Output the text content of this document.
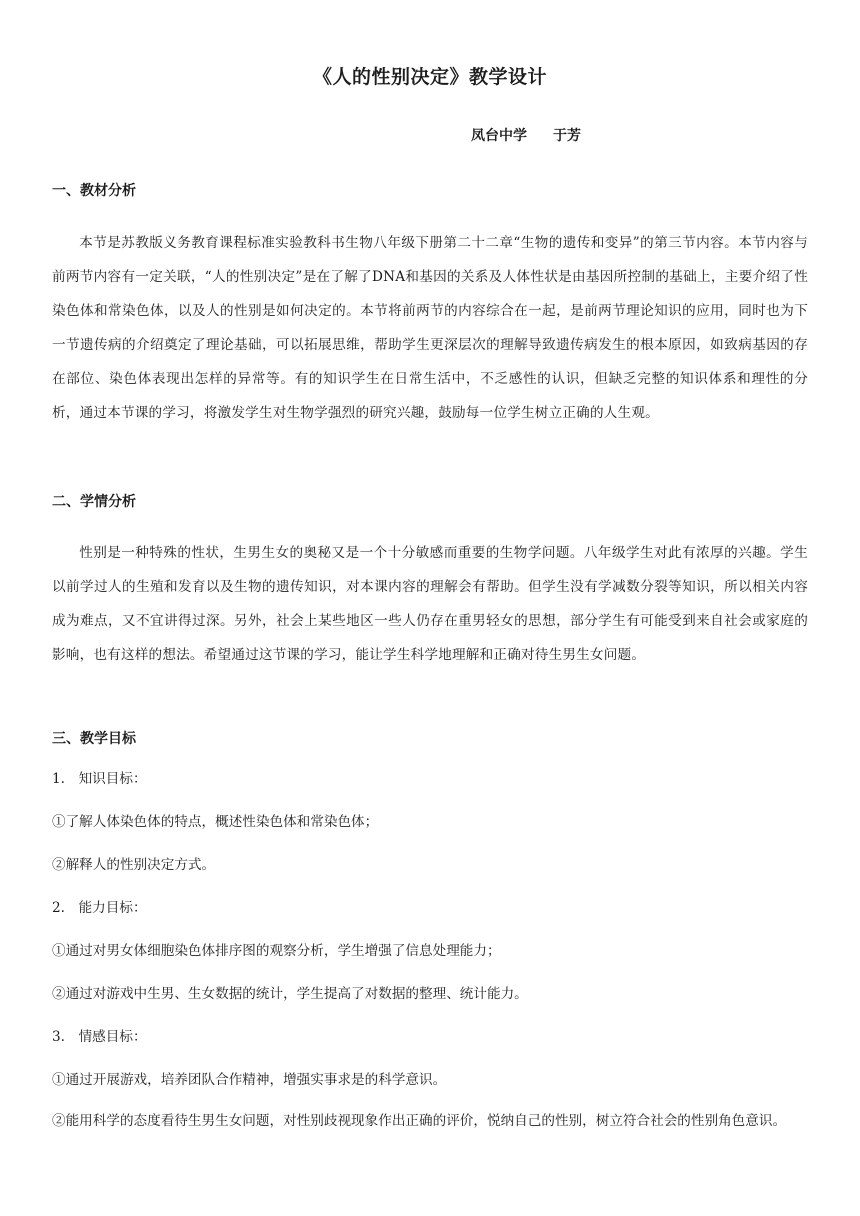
《人的性别决定》教学设计
凤台中学 于芳
一、教材分析
本节是苏教版义务教育课程标准实验教科书生物八年级下册第二十二章“生物的遗传和变异”的第三节内容。本节内容与前两节内容有一定关联，“人的性别决定”是在了解了DNA和基因的关系及人体性状是由基因所控制的基础上，主要介绍了性染色体和常染色体，以及人的性别是如何决定的。本节将前两节的内容综合在一起，是前两节理论知识的应用，同时也为下一节遗传病的介绍奠定了理论基础，可以拓展思维，帮助学生更深层次的理解导致遗传病发生的根本原因，如致病基因的存在部位、染色体表现出怎样的异常等。有的知识学生在日常生活中，不乏感性的认识，但缺乏完整的知识体系和理性的分析，通过本节课的学习，将激发学生对生物学强烈的研究兴趣，鼓励每一位学生树立正确的人生观。
二、学情分析
性别是一种特殊的性状，生男生女的奥秘又是一个十分敏感而重要的生物学问题。八年级学生对此有浓厚的兴趣。学生以前学过人的生殖和发育以及生物的遗传知识，对本课内容的理解会有帮助。但学生没有学减数分裂等知识，所以相关内容成为难点，又不宜讲得过深。另外，社会上某些地区一些人仍存在重男轻女的思想，部分学生有可能受到来自社会或家庭的影响，也有这样的想法。希望通过这节课的学习，能让学生科学地理解和正确对待生男生女问题。
三、教学目标
1.　知识目标：
①了解人体染色体的特点，概述性染色体和常染色体；
②解释人的性别决定方式。
2.　能力目标：
①通过对男女体细胞染色体排序图的观察分析，学生增强了信息处理能力；
②通过对游戏中生男、生女数据的统计，学生提高了对数据的整理、统计能力。
3.　情感目标：
①通过开展游戏，培养团队合作精神，增强实事求是的科学意识。
②能用科学的态度看待生男生女问题，对性别歧视现象作出正确的评价，悦纳自己的性别，树立符合社会的性别角色意识。
